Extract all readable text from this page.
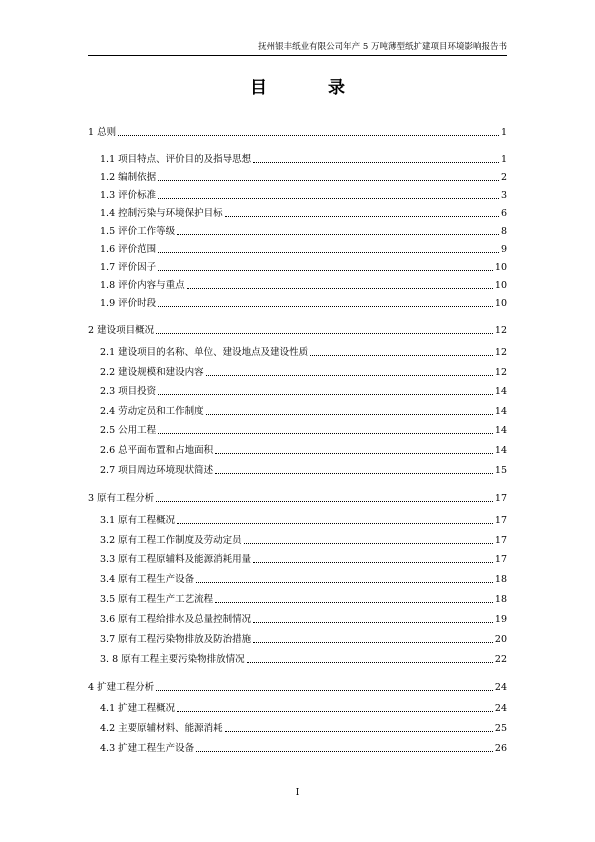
抚州银丰纸业有限公司年产 5 万吨薄型纸扩建项目环境影响报告书
目　录
1 总则	1
1.1 项目特点、评价目的及指导思想	1
1.2 编制依据	2
1.3 评价标准	3
1.4 控制污染与环境保护目标	6
1.5 评价工作等级	8
1.6 评价范围	9
1.7 评价因子	10
1.8 评价内容与重点	10
1.9 评价时段	10
2 建设项目概况	12
2.1 建设项目的名称、单位、建设地点及建设性质	12
2.2 建设规模和建设内容	12
2.3 项目投资	14
2.4 劳动定员和工作制度	14
2.5 公用工程	14
2.6 总平面布置和占地面积	14
2.7 项目周边环境现状简述	15
3 原有工程分析	17
3.1 原有工程概况	17
3.2 原有工程工作制度及劳动定员	17
3.3 原有工程原辅料及能源消耗用量	17
3.4 原有工程生产设备	18
3.5 原有工程生产工艺流程	18
3.6 原有工程给排水及总量控制情况	19
3.7 原有工程污染物排放及防治措施	20
3. 8 原有工程主要污染物排放情况	22
4 扩建工程分析	24
4.1 扩建工程概况	24
4.2 主要原辅材料、能源消耗	25
4.3 扩建工程生产设备	26
I
